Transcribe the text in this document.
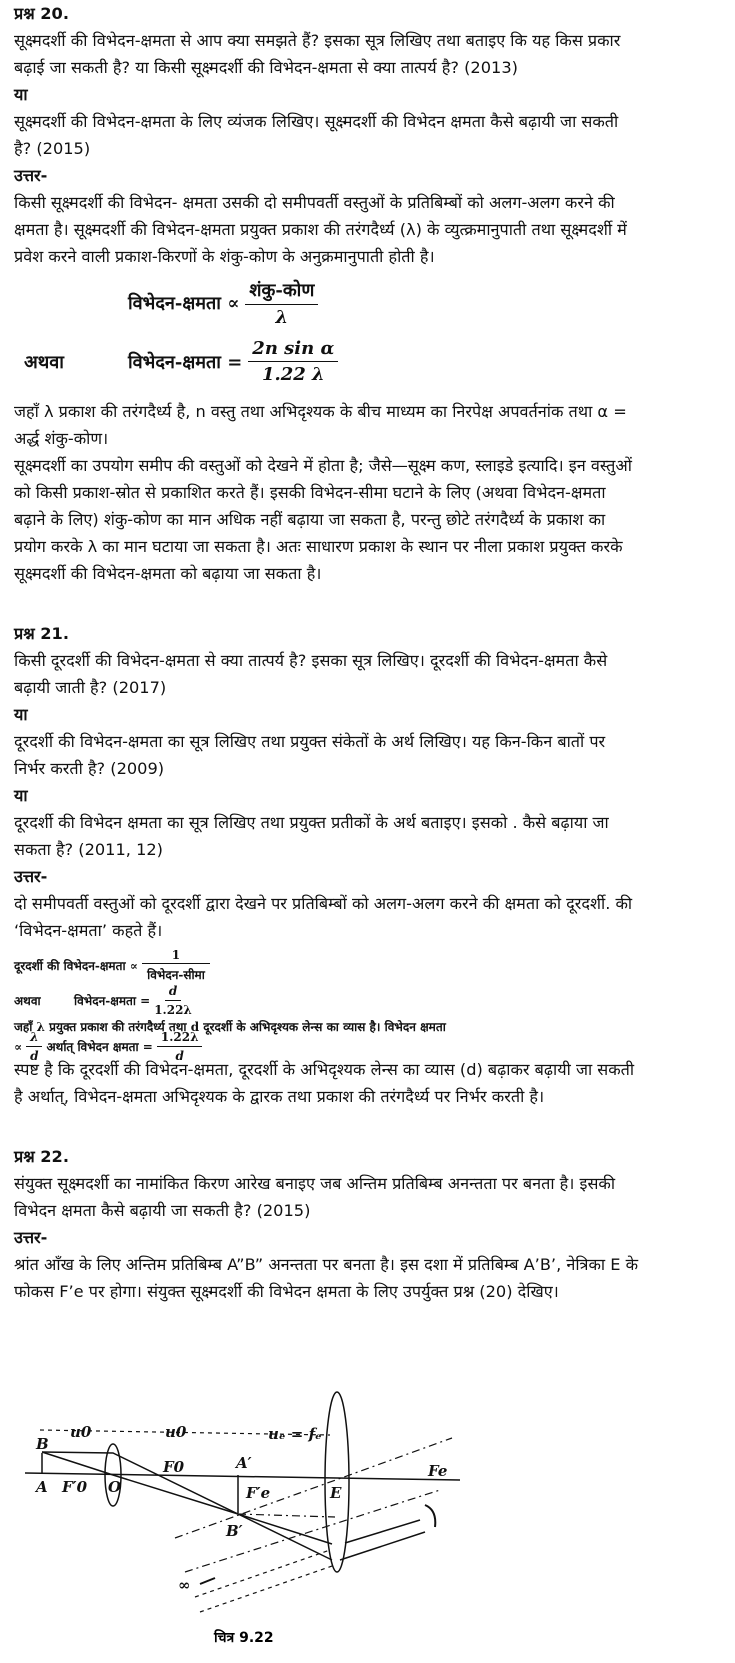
प्रश्न 20.
सूक्ष्मदर्शी की विभेदन-क्षमता से आप क्या समझते हैं? इसका सूत्र लिखिए तथा बताइए कि यह किस प्रकार
बढ़ाई जा सकती है? या किसी सूक्ष्मदर्शी की विभेदन-क्षमता से क्या तात्पर्य है? (2013)
या
सूक्ष्मदर्शी की विभेदन-क्षमता के लिए व्यंजक लिखिए। सूक्ष्मदर्शी की विभेदन क्षमता कैसे बढ़ायी जा सकती
है? (2015)
उत्तर-
किसी सूक्ष्मदर्शी की विभेदन- क्षमता उसकी दो समीपवर्ती वस्तुओं के प्रतिबिम्बों को अलग-अलग करने की
क्षमता है। सूक्ष्मदर्शी की विभेदन-क्षमता प्रयुक्त प्रकाश की तरंगदैर्ध्य (λ) के व्युत्क्रमानुपाती तथा सूक्ष्मदर्शी में
प्रवेश करने वाली प्रकाश-किरणों के शंकु-कोण के अनुक्रमानुपाती होती है।
विभेदन-क्षमता ∝ $\frac{\text{शंकु-कोण}}{\lambda}$
अथवा	विभेदन-क्षमता = $\frac{\text{2n sin α}}{1.22 \lambda}$
जहाँ λ प्रकाश की तरंगदैर्ध्य है, n वस्तु तथा अभिदृश्यक के बीच माध्यम का निरपेक्ष अपवर्तनांक तथा α =
अर्द्ध शंकु-कोण।
सूक्ष्मदर्शी का उपयोग समीप की वस्तुओं को देखने में होता है; जैसे—सूक्ष्म कण, स्लाइडे इत्यादि। इन वस्तुओं
को किसी प्रकाश-स्रोत से प्रकाशित करते हैं। इसकी विभेदन-सीमा घटाने के लिए (अथवा विभेदन-क्षमता
बढ़ाने के लिए) शंकु-कोण का मान अधिक नहीं बढ़ाया जा सकता है, परन्तु छोटे तरंगदैर्ध्य के प्रकाश का
प्रयोग करके λ का मान घटाया जा सकता है। अतः साधारण प्रकाश के स्थान पर नीला प्रकाश प्रयुक्त करके
सूक्ष्मदर्शी की विभेदन-क्षमता को बढ़ाया जा सकता है।
प्रश्न 21.
किसी दूरदर्शी की विभेदन-क्षमता से क्या तात्पर्य है? इसका सूत्र लिखिए। दूरदर्शी की विभेदन-क्षमता कैसे
बढ़ायी जाती है? (2017)
या
दूरदर्शी की विभेदन-क्षमता का सूत्र लिखिए तथा प्रयुक्त संकेतों के अर्थ लिखिए। यह किन-किन बातों पर
निर्भर करती है? (2009)
या
दूरदर्शी की विभेदन क्षमता का सूत्र लिखिए तथा प्रयुक्त प्रतीकों के अर्थ बताइए। इसको . कैसे बढ़ाया जा
सकता है? (2011, 12)
उत्तर-
दो समीपवर्ती वस्तुओं को दूरदर्शी द्वारा देखने पर प्रतिबिम्बों को अलग-अलग करने की क्षमता को दूरदर्शी. की
‘विभेदन-क्षमता’ कहते हैं।
दूरदर्शी की विभेदन-क्षमता ∝ $\frac{1}{\text{विभेदन-सीमा}}$
अथवा	विभेदन-क्षमता = $\frac{d}{1.22\lambda}$
जहाँ λ प्रयुक्त प्रकाश की तरंगदैर्ध्य तथा d दूरदर्शी के अभिदृश्यक लेन्स का व्यास है। विभेदन क्षमता
∝ $\frac{\lambda}{d}$ अर्थात् विभेदन क्षमता = $\frac{1.22\lambda}{d}$
स्पष्ट है कि दूरदर्शी की विभेदन-क्षमता, दूरदर्शी के अभिदृश्यक लेन्स का व्यास (d) बढ़ाकर बढ़ायी जा सकती
है अर्थात्, विभेदन-क्षमता अभिदृश्यक के द्वारक तथा प्रकाश की तरंगदैर्ध्य पर निर्भर करती है।
प्रश्न 22.
संयुक्त सूक्ष्मदर्शी का नामांकित किरण आरेख बनाइए जब अन्तिम प्रतिबिम्ब अनन्तता पर बनता है। इसकी
विभेदन क्षमता कैसे बढ़ायी जा सकती है? (2015)
उत्तर-
श्रांत आँख के लिए अन्तिम प्रतिबिम्ब A”B” अनन्तता पर बनता है। इस दशा में प्रतिबिम्ब A’B’, नेत्रिका E के
फोकस F’e पर होगा। संयुक्त सूक्ष्मदर्शी की विभेदन क्षमता के लिए उपर्युक्त प्रश्न (20) देखिए।
B
A F′0 O
F0	A′
F′e
B′
E
Fe
u0	u0	uₑ = fₑ
∞
चित्र 9.22
